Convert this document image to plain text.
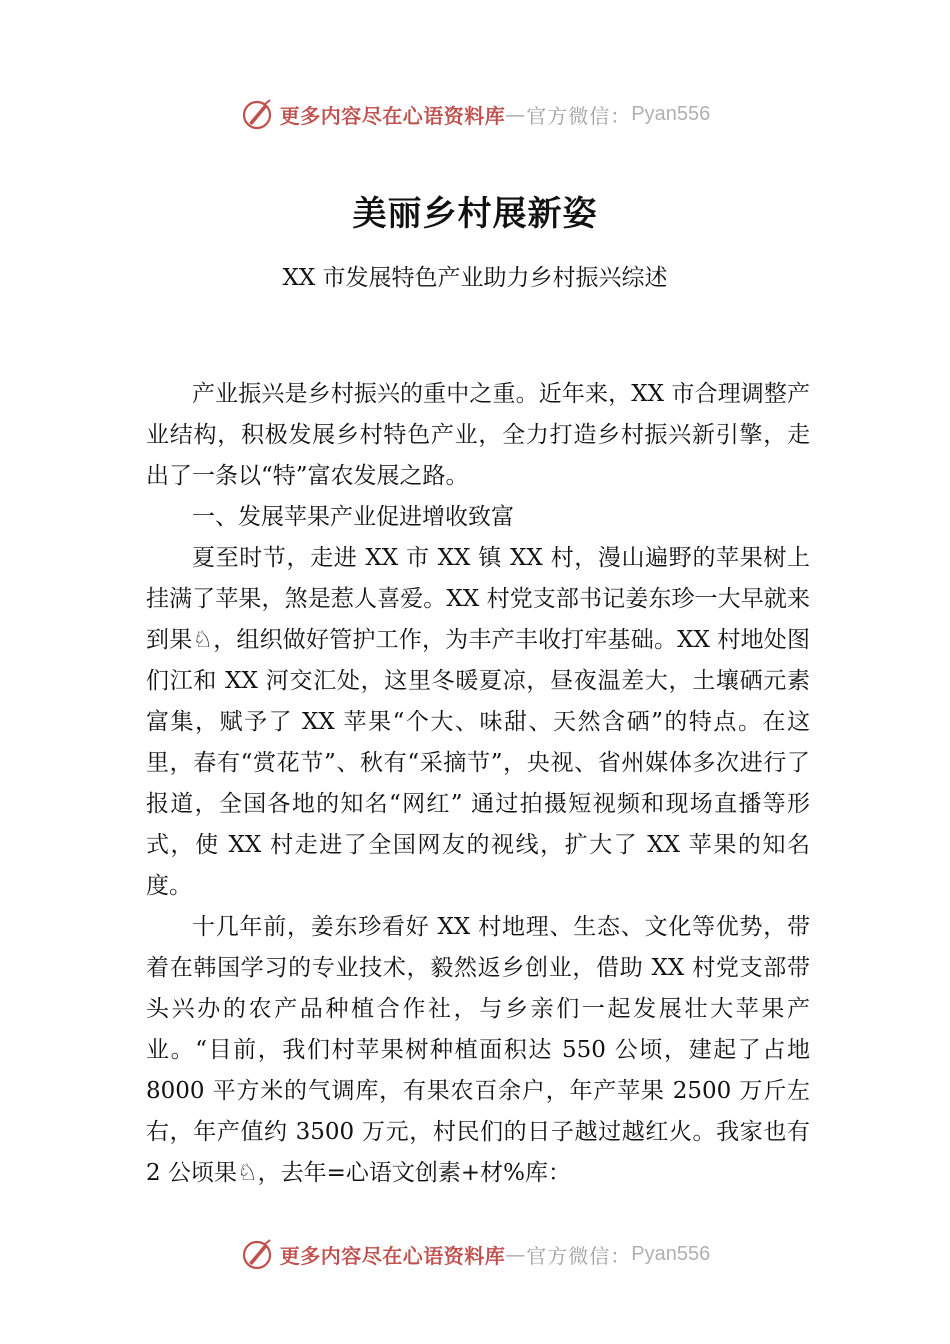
更多内容尽在心语资料库 — 官方微信： Pyan556
美丽乡村展新姿

XX 市发展特色产业助力乡村振兴综述

产业振兴是乡村振兴的重中之重。近年来，XX 市合理调整产业结构，积极发展乡村特色产业，全力打造乡村振兴新引擎，走出了一条以“特”富农发展之路。

一、发展苹果产业促进增收致富

夏至时节，走进 XX 市 XX 镇 XX 村，漫山遍野的苹果树上挂满了苹果，煞是惹人喜爱。XX 村党支部书记姜东珍一大早就来到果♘，组织做好管护工作，为丰产丰收打牢基础。XX 村地处图们江和 XX 河交汇处，这里冬暖夏凉，昼夜温差大，土壤硒元素富集，赋予了 XX 苹果“个大、味甜、天然含硒”的特点。在这里，春有“赏花节”、秋有“采摘节”，央视、省州媒体多次进行了报道，全国各地的知名“网红” 通过拍摄短视频和现场直播等形式，使 XX 村走进了全国网友的视线，扩大了 XX 苹果的知名度。

十几年前，姜东珍看好 XX 村地理、生态、文化等优势，带着在韩国学习的专业技术，毅然返乡创业，借助 XX 村党支部带头兴办的农产品种植合作社，与乡亲们一起发展壮大苹果产业。“目前，我们村苹果树种植面积达 550 公顷，建起了占地 8000 平方米的气调库，有果农百余户，年产苹果 2500 万斤左右，年产值约 3500 万元，村民们的日子越过越红火。我家也有 2 公顷果♘，去年=心语文创素+材%库：

更多内容尽在心语资料库 — 官方微信： Pyan556
